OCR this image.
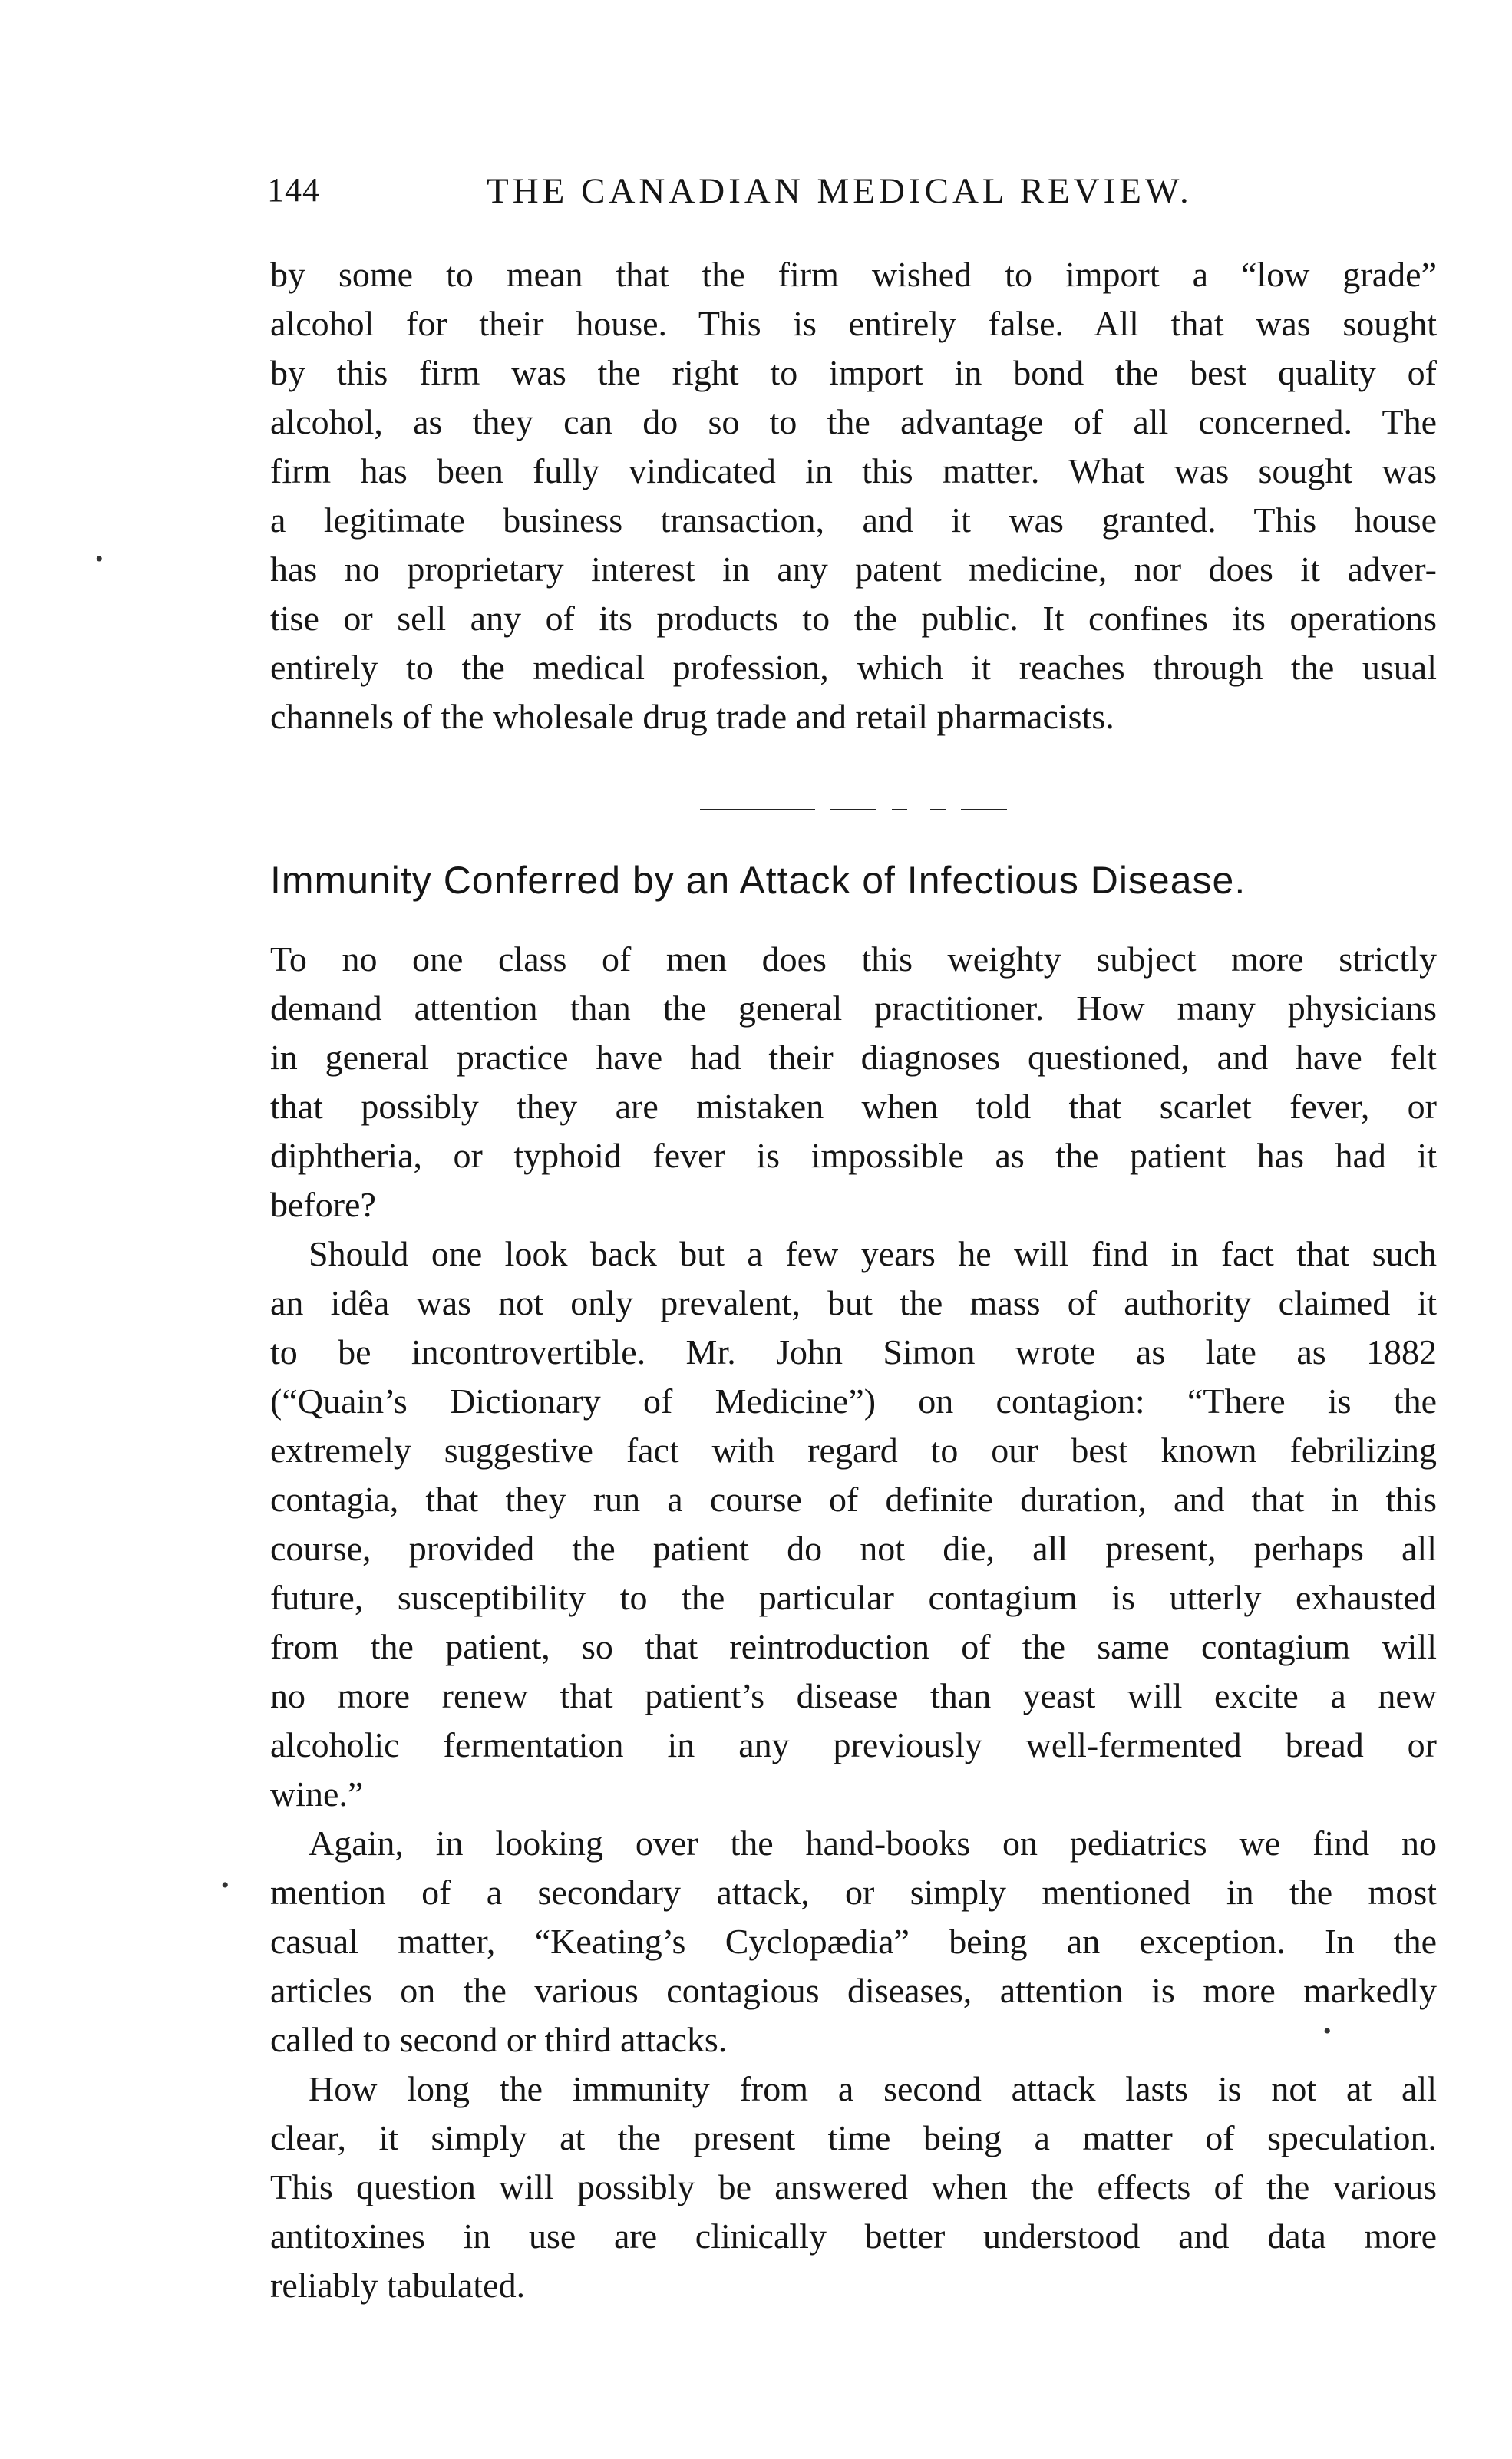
144	THE CANADIAN MEDICAL REVIEW.
by some to mean that the firm wished to import a “low grade”
alcohol for their house. This is entirely false. All that was sought
by this firm was the right to import in bond the best quality of
alcohol, as they can do so to the advantage of all concerned. The
firm has been fully vindicated in this matter. What was sought was
a legitimate business transaction, and it was granted. This house
has no proprietary interest in any patent medicine, nor does it adver-
tise or sell any of its products to the public. It confines its operations
entirely to the medical profession, which it reaches through the usual
channels of the wholesale drug trade and retail pharmacists.
Immunity Conferred by an Attack of Infectious Disease.
To no one class of men does this weighty subject more strictly
demand attention than the general practitioner. How many physicians
in general practice have had their diagnoses questioned, and have felt
that possibly they are mistaken when told that scarlet fever, or
diphtheria, or typhoid fever is impossible as the patient has had it
before?
Should one look back but a few years he will find in fact that such
an idêa was not only prevalent, but the mass of authority claimed it
to be incontrovertible. Mr. John Simon wrote as late as 1882
(“Quain’s Dictionary of Medicine”) on contagion: “There is the
extremely suggestive fact with regard to our best known febrilizing
contagia, that they run a course of definite duration, and that in this
course, provided the patient do not die, all present, perhaps all
future, susceptibility to the particular contagium is utterly exhausted
from the patient, so that reintroduction of the same contagium will
no more renew that patient’s disease than yeast will excite a new
alcoholic fermentation in any previously well-fermented bread or
wine.”
Again, in looking over the hand-books on pediatrics we find no
mention of a secondary attack, or simply mentioned in the most
casual matter, “Keating’s Cyclopædia” being an exception. In the
articles on the various contagious diseases, attention is more markedly
called to second or third attacks.
How long the immunity from a second attack lasts is not at all
clear, it simply at the present time being a matter of speculation.
This question will possibly be answered when the effects of the various
antitoxines in use are clinically better understood and data more
reliably tabulated.
•
•
•
